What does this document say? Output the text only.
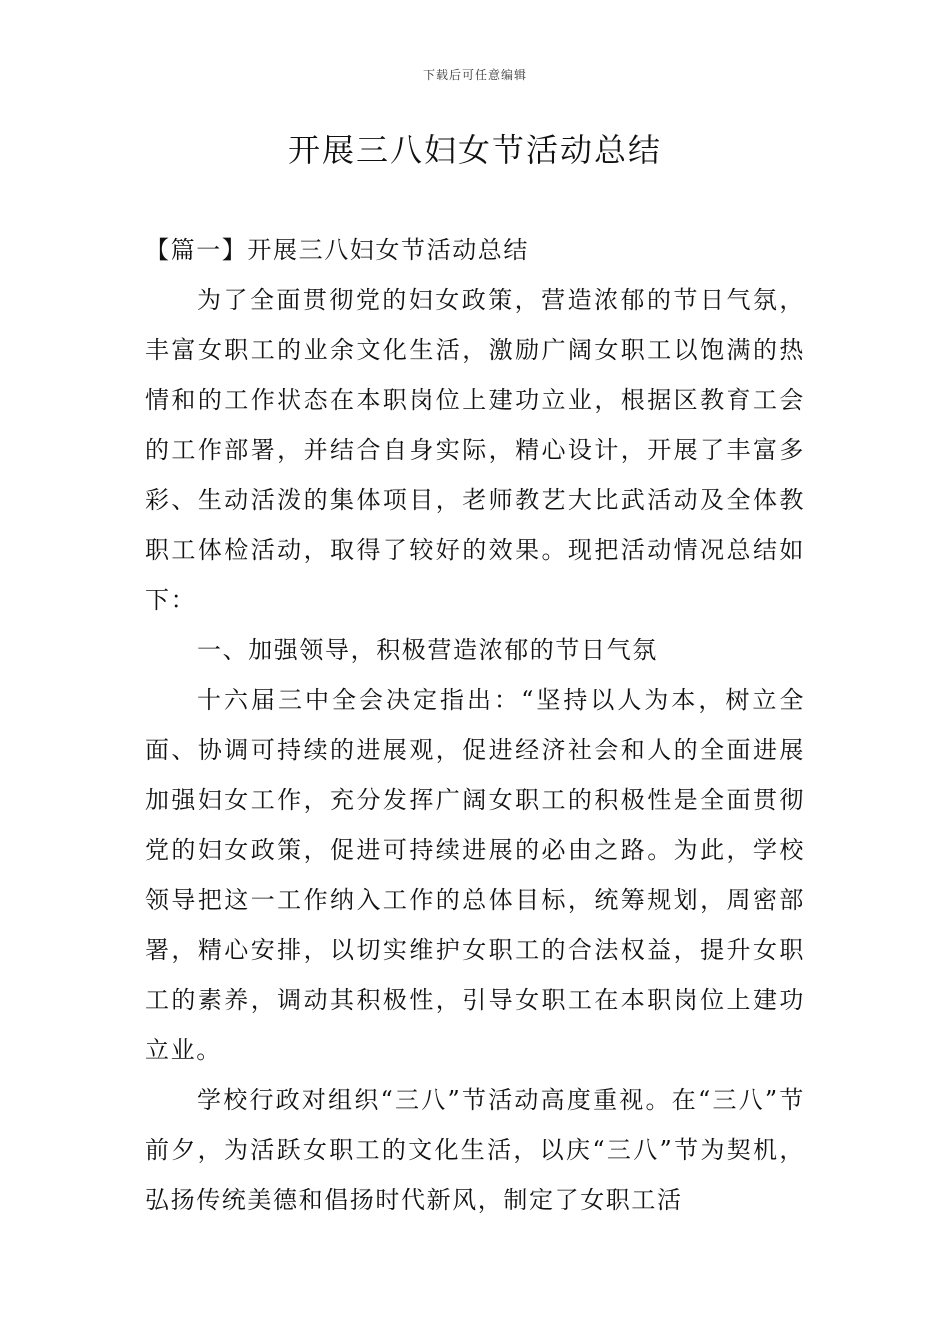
下载后可任意编辑
开展三八妇女节活动总结

【篇一】开展三八妇女节活动总结

为了全面贯彻党的妇女政策，营造浓郁的节日气氛，丰富女职工的业余文化生活，激励广阔女职工以饱满的热情和的工作状态在本职岗位上建功立业，根据区教育工会的工作部署，并结合自身实际，精心设计，开展了丰富多彩、生动活泼的集体项目，老师教艺大比武活动及全体教职工体检活动，取得了较好的效果。现把活动情况总结如下：

一、加强领导，积极营造浓郁的节日气氛

十六届三中全会决定指出：“坚持以人为本，树立全面、协调可持续的进展观，促进经济社会和人的全面进展加强妇女工作，充分发挥广阔女职工的积极性是全面贯彻党的妇女政策，促进可持续进展的必由之路。为此，学校领导把这一工作纳入工作的总体目标，统筹规划，周密部署，精心安排，以切实维护女职工的合法权益，提升女职工的素养，调动其积极性，引导女职工在本职岗位上建功立业。

学校行政对组织“三八”节活动高度重视。在“三八”节前夕，为活跃女职工的文化生活，以庆“三八”节为契机，弘扬传统美德和倡扬时代新风，制定了女职工活
